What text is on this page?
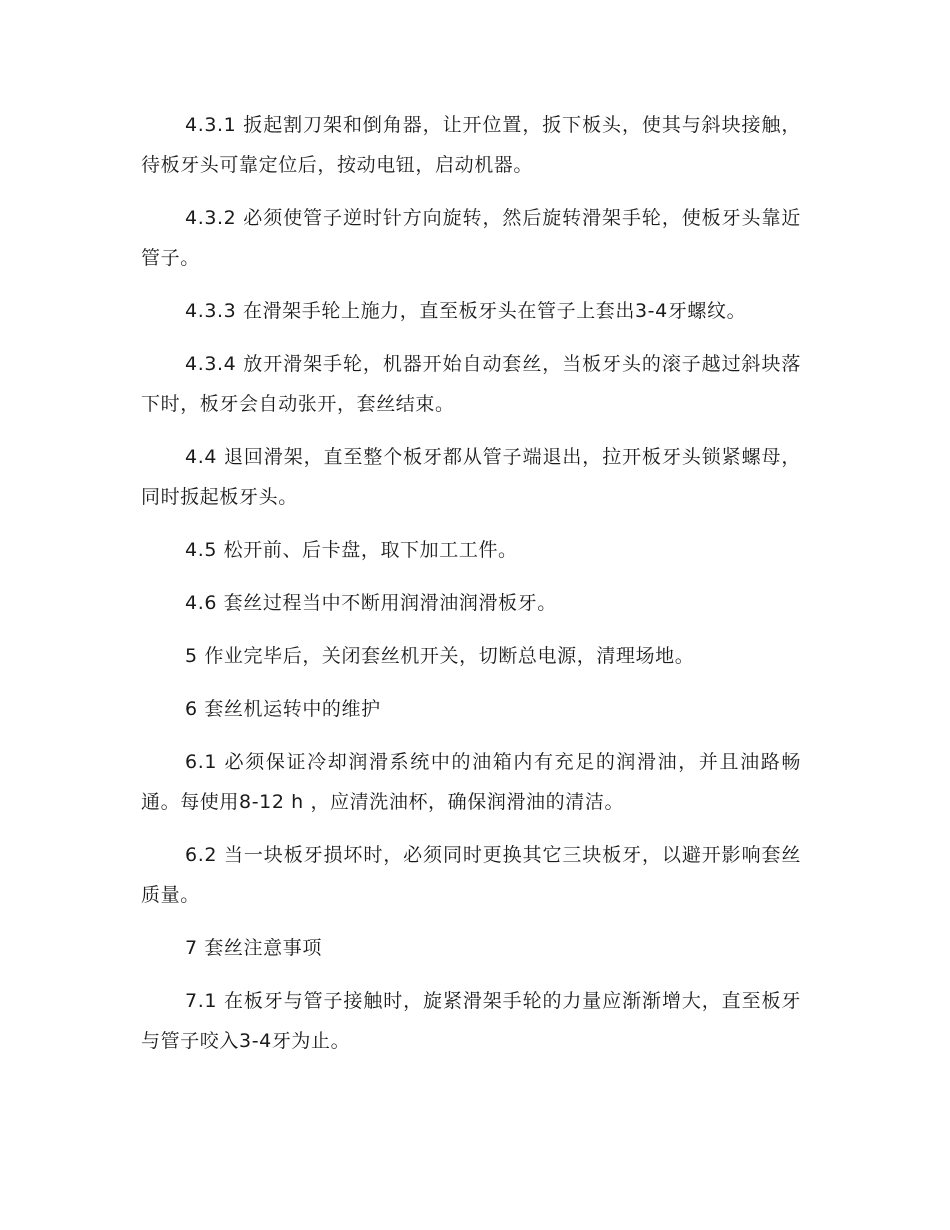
4.3.1 扳起割刀架和倒角器，让开位置，扳下板头，使其与斜块接触，待板牙头可靠定位后，按动电钮，启动机器。

4.3.2 必须使管子逆时针方向旋转，然后旋转滑架手轮，使板牙头靠近管子。

4.3.3 在滑架手轮上施力，直至板牙头在管子上套出3-4牙螺纹。

4.3.4 放开滑架手轮，机器开始自动套丝，当板牙头的滚子越过斜块落下时，板牙会自动张开，套丝结束。

4.4 退回滑架，直至整个板牙都从管子端退出，拉开板牙头锁紧螺母，同时扳起板牙头。

4.5 松开前、后卡盘，取下加工工件。

4.6 套丝过程当中不断用润滑油润滑板牙。

5 作业完毕后，关闭套丝机开关，切断总电源，清理场地。

6 套丝机运转中的维护

6.1 必须保证冷却润滑系统中的油箱内有充足的润滑油，并且油路畅通。每使用8-12 h ，应清洗油杯，确保润滑油的清洁。

6.2 当一块板牙损坏时，必须同时更换其它三块板牙，以避开影响套丝质量。

7 套丝注意事项

7.1 在板牙与管子接触时，旋紧滑架手轮的力量应渐渐增大，直至板牙与管子咬入3-4牙为止。
